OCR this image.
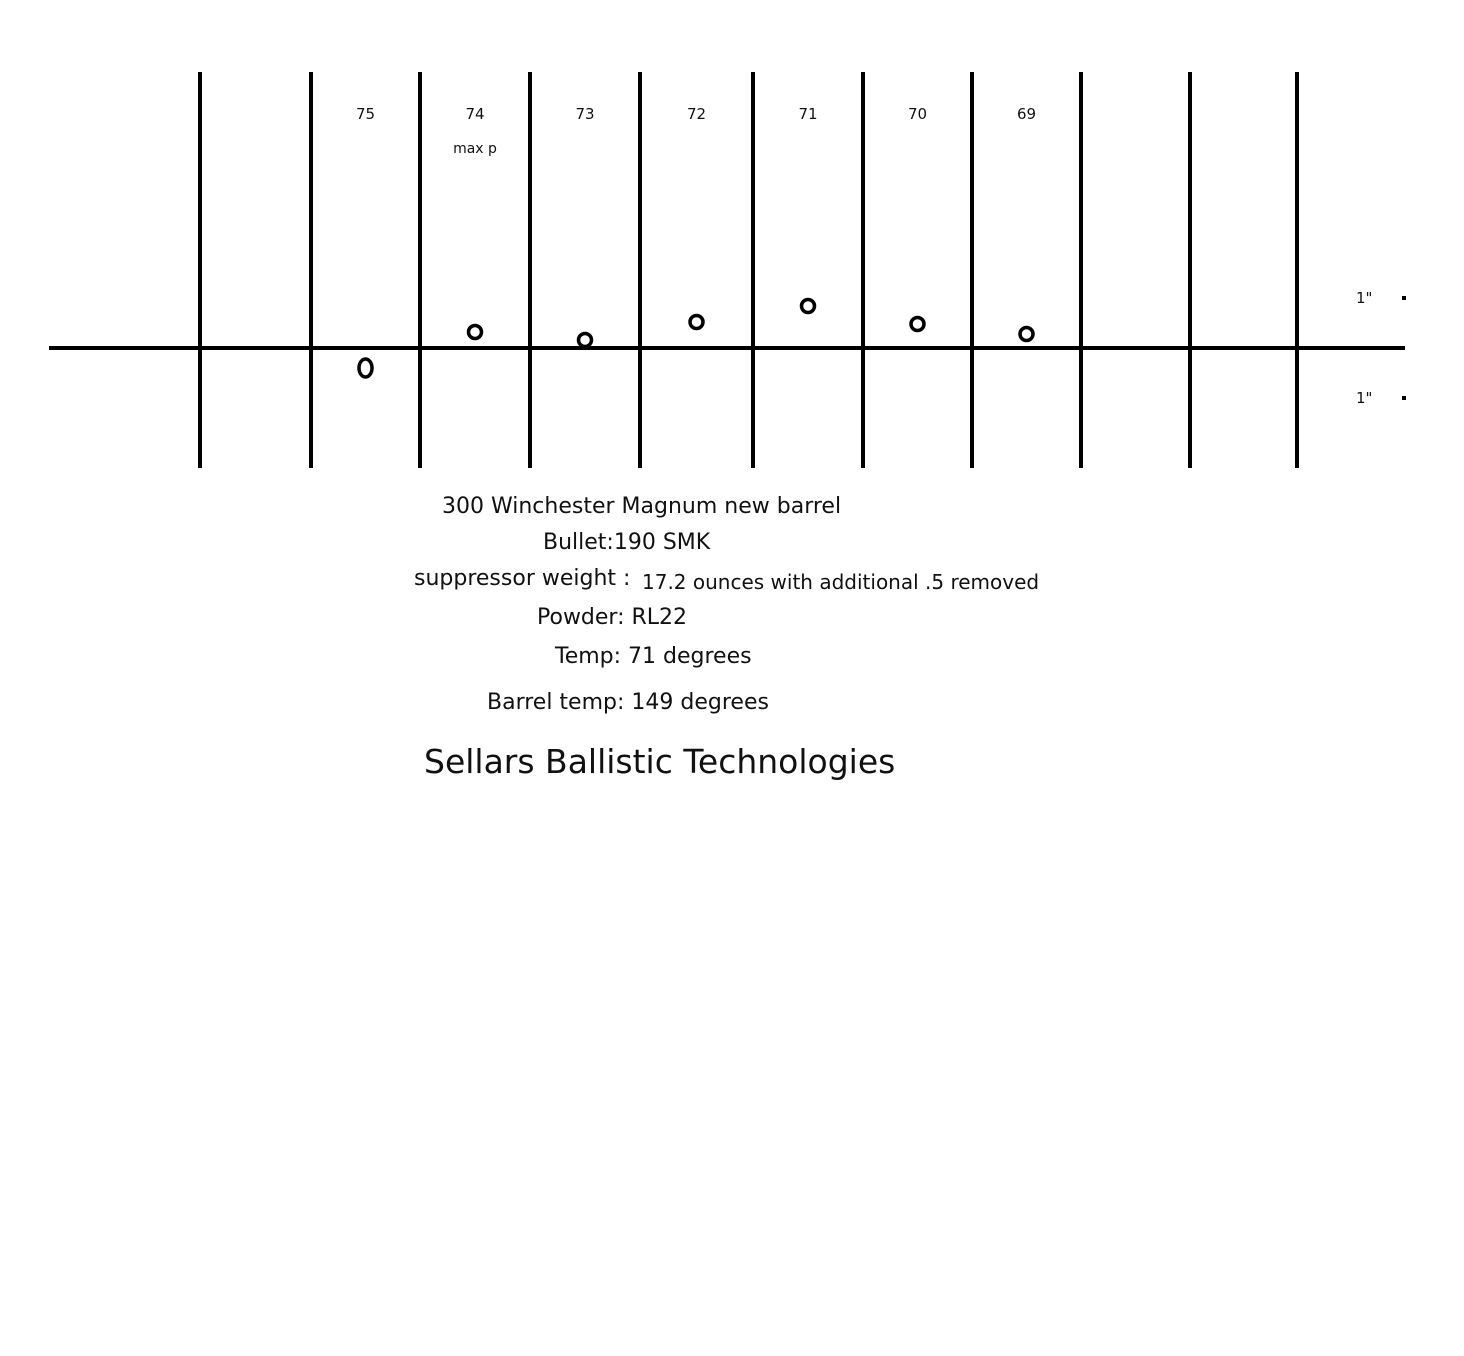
75	74	73	72	71	70	69
max p
1"
1"
300 Winchester Magnum new barrel
Bullet:190 SMK
suppressor weight : 17.2 ounces with additional .5 removed
Powder: RL22
Temp: 71 degrees
Barrel temp: 149 degrees
Sellars Ballistic Technologies
